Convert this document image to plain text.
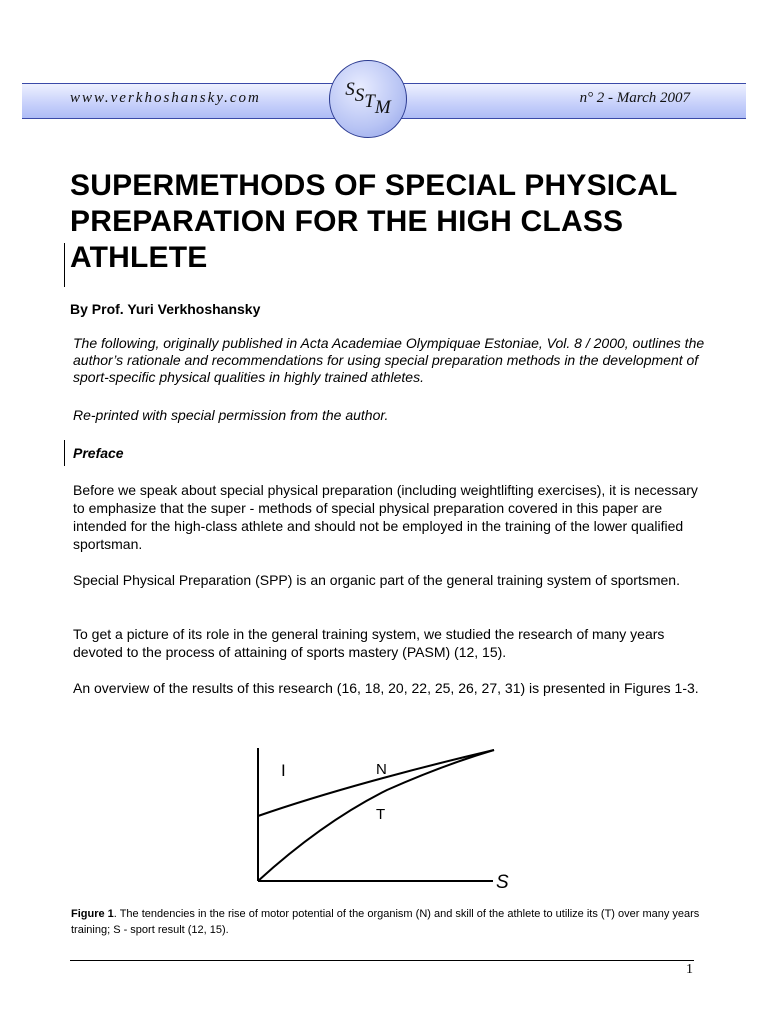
www.verkhoshansky.com	n° 2 - March 2007
SSTM
SUPERMETHODS OF SPECIAL PHYSICAL PREPARATION FOR THE HIGH CLASS ATHLETE
By Prof. Yuri Verkhoshansky
The following, originally published in Acta Academiae Olympiquae Estoniae, Vol. 8 / 2000, outlines the author’s rationale and recommendations for using special preparation methods in the development of sport-specific physical qualities in highly trained athletes.
Re-printed with special permission from the author.
Preface
Before we speak about special physical preparation (including weightlifting exercises), it is necessary to emphasize that the super - methods of special physical preparation covered in this paper are intended for the high-class athlete and should not be employed in the training of the lower qualified sportsman.
Special Physical Preparation (SPP) is an organic part of the general training system of sportsmen.
To get a picture of its role in the general training system, we studied the research of many years devoted to the process of attaining of sports mastery (PASM) (12, 15).
An overview of the results of this research (16, 18, 20, 22, 25, 26, 27, 31) is presented in Figures 1-3.
I	N
T
S
Figure 1. The tendencies in the rise of motor potential of the organism (N) and skill of the athlete to utilize its (T) over many years training; S - sport result (12, 15).
1
